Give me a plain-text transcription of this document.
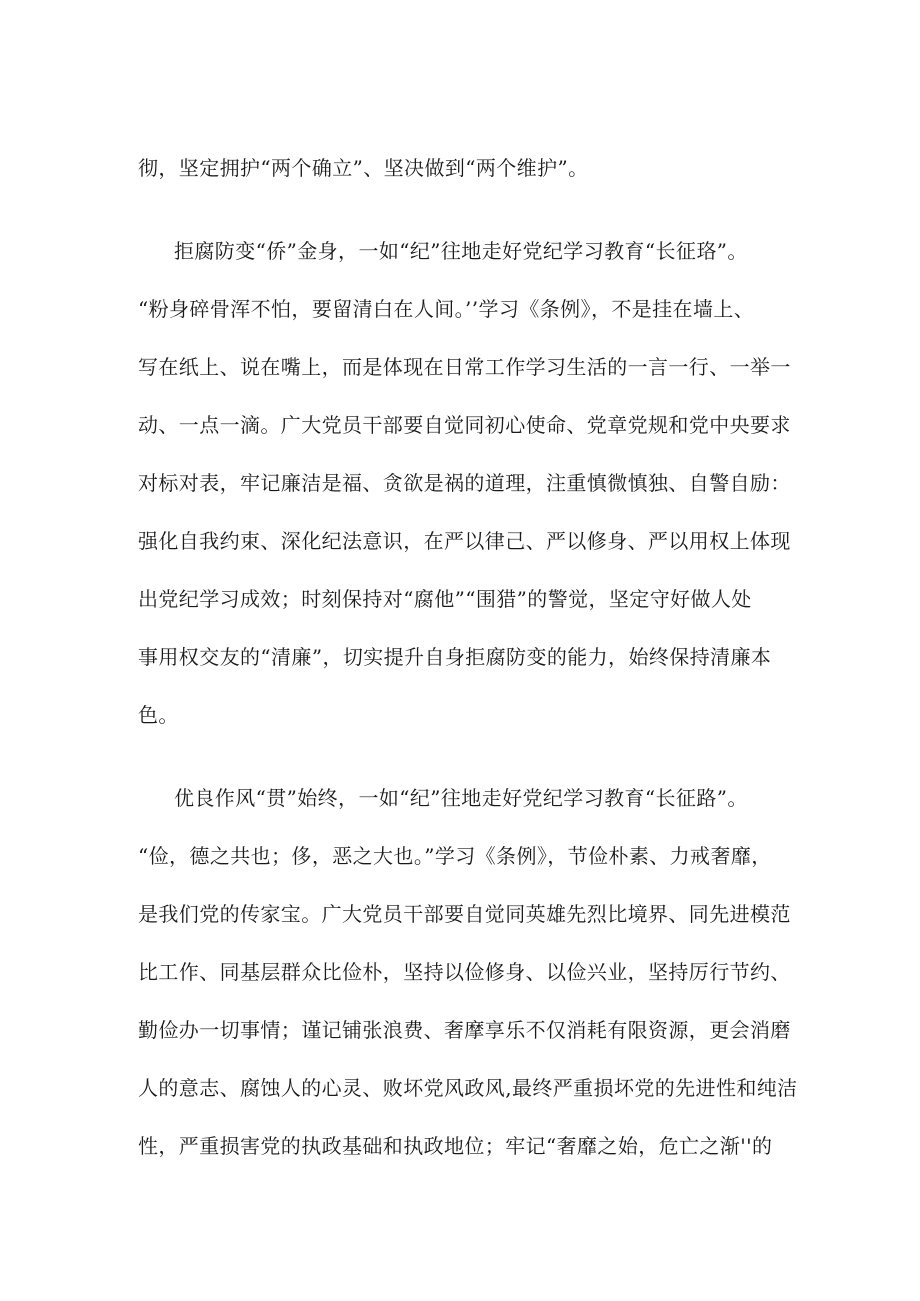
彻，坚定拥护“两个确立”、坚决做到“两个维护”。
拒腐防变“侨”金身，一如“纪”往地走好党纪学习教育“长征珞”。
“粉身碎骨浑不怕，要留清白在人间。’’学习《条例》，不是挂在墙上、
写在纸上、说在嘴上，而是体现在日常工作学习生活的一言一行、一举一
动、一点一滴。广大党员干部要自觉同初心使命、党章党规和党中央要求
对标对表，牢记廉洁是福、贪欲是祸的道理，注重慎微慎独、自警自励：
强化自我约束、深化纪法意识，在严以律己、严以修身、严以用权上体现
出党纪学习成效；时刻保持对“腐他”“围猎”的警觉，坚定守好做人处
事用权交友的“清廉”，切实提升自身拒腐防变的能力，始终保持清廉本
色。
优良作风“贯”始终，一如“纪”往地走好党纪学习教育“长征路”。
“俭，德之共也；侈，恶之大也。”学习《条例》，节俭朴素、力戒奢靡，
是我们党的传家宝。广大党员干部要自觉同英雄先烈比境界、同先进模范
比工作、同基层群众比俭朴，坚持以俭修身、以俭兴业，坚持厉行节约、
勤俭办一切事情；谨记铺张浪费、奢摩享乐不仅消耗有限资源，更会消磨
人的意志、腐蚀人的心灵、败坏党风政风,最终严重损坏党的先进性和纯洁
性，严重损害党的执政基础和执政地位；牢记“奢靡之始，危亡之渐''的
